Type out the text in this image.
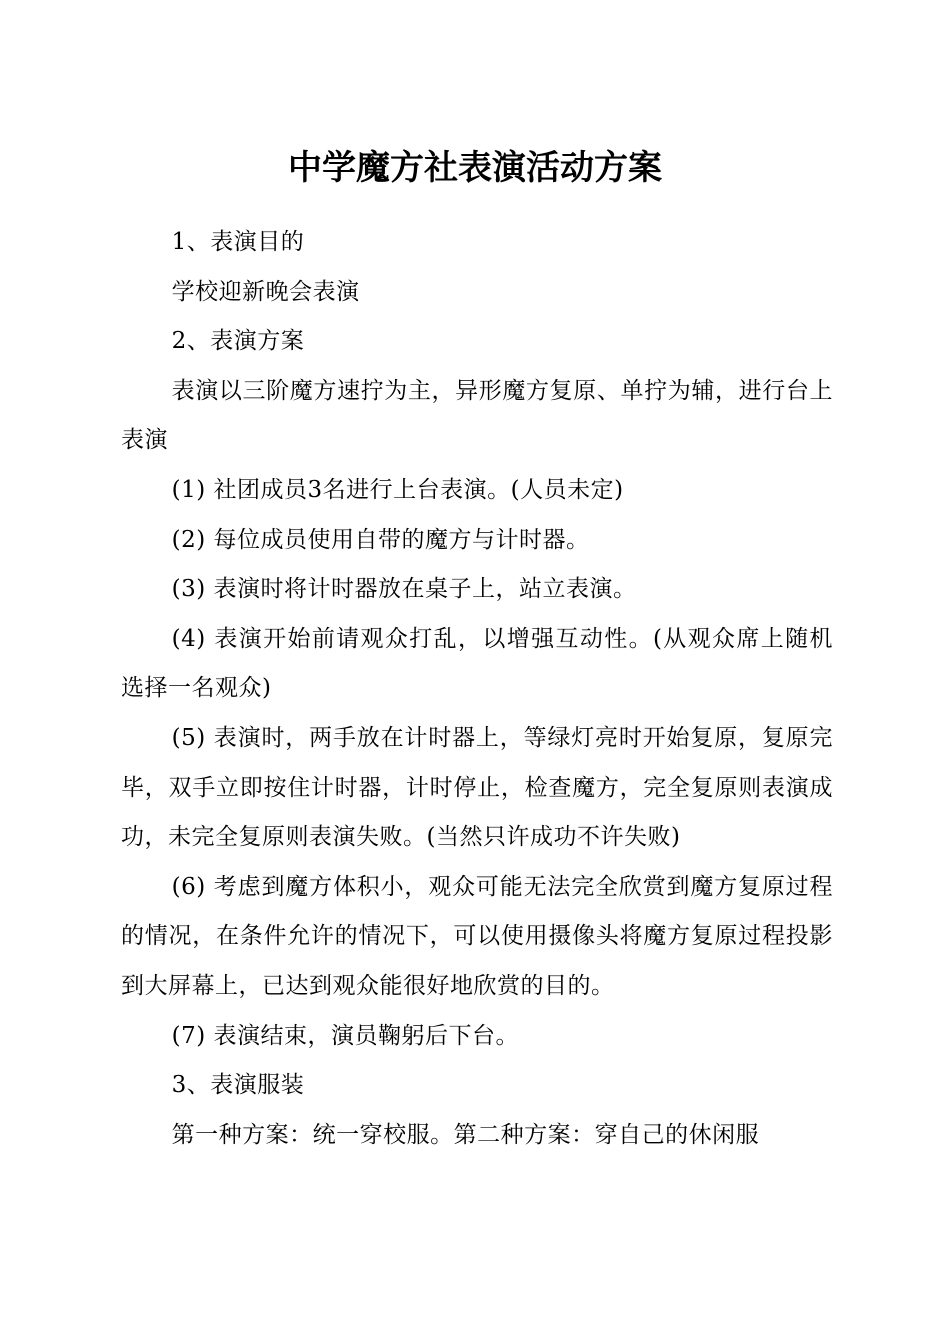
中学魔方社表演活动方案

1、表演目的

学校迎新晚会表演

2、表演方案

表演以三阶魔方速拧为主，异形魔方复原、单拧为辅，进行台上表演

(1) 社团成员3名进行上台表演。(人员未定)

(2) 每位成员使用自带的魔方与计时器。

(3) 表演时将计时器放在桌子上，站立表演。

(4) 表演开始前请观众打乱，以增强互动性。(从观众席上随机选择一名观众)

(5) 表演时，两手放在计时器上，等绿灯亮时开始复原，复原完毕，双手立即按住计时器，计时停止，检查魔方，完全复原则表演成功，未完全复原则表演失败。(当然只许成功不许失败)

(6) 考虑到魔方体积小，观众可能无法完全欣赏到魔方复原过程的情况，在条件允许的情况下，可以使用摄像头将魔方复原过程投影到大屏幕上，已达到观众能很好地欣赏的目的。

(7) 表演结束，演员鞠躬后下台。

3、表演服装

第一种方案：统一穿校服。第二种方案：穿自己的休闲服
